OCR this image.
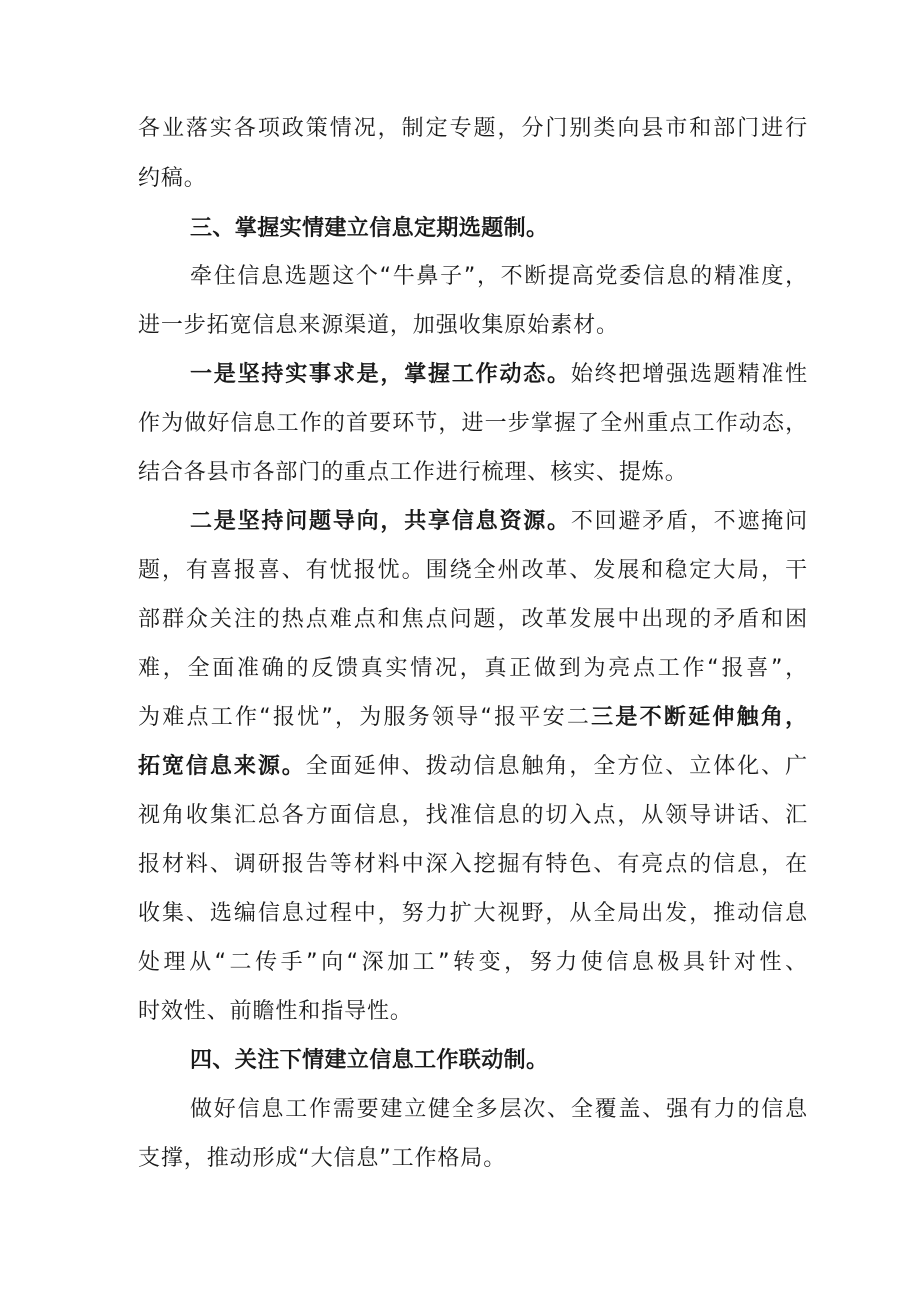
各业落实各项政策情况，制定专题，分门别类向县市和部门进行
约稿。
三、掌握实情建立信息定期选题制。
牵住信息选题这个“牛鼻子”，不断提高党委信息的精准度，
进一步拓宽信息来源渠道，加强收集原始素材。
一是坚持实事求是，掌握工作动态。始终把增强选题精准性
作为做好信息工作的首要环节，进一步掌握了全州重点工作动态，
结合各县市各部门的重点工作进行梳理、核实、提炼。
二是坚持问题导向，共享信息资源。不回避矛盾，不遮掩问
题，有喜报喜、有忧报忧。围绕全州改革、发展和稳定大局，干
部群众关注的热点难点和焦点问题，改革发展中出现的矛盾和困
难，全面准确的反馈真实情况，真正做到为亮点工作“报喜”，
为难点工作“报忧”，为服务领导“报平安二三是不断延伸触角，
拓宽信息来源。全面延伸、拨动信息触角，全方位、立体化、广
视角收集汇总各方面信息，找准信息的切入点，从领导讲话、汇
报材料、调研报告等材料中深入挖掘有特色、有亮点的信息，在
收集、选编信息过程中，努力扩大视野，从全局出发，推动信息
处理从“二传手”向“深加工”转变，努力使信息极具针对性、
时效性、前瞻性和指导性。
四、关注下情建立信息工作联动制。
做好信息工作需要建立健全多层次、全覆盖、强有力的信息
支撑，推动形成“大信息”工作格局。
